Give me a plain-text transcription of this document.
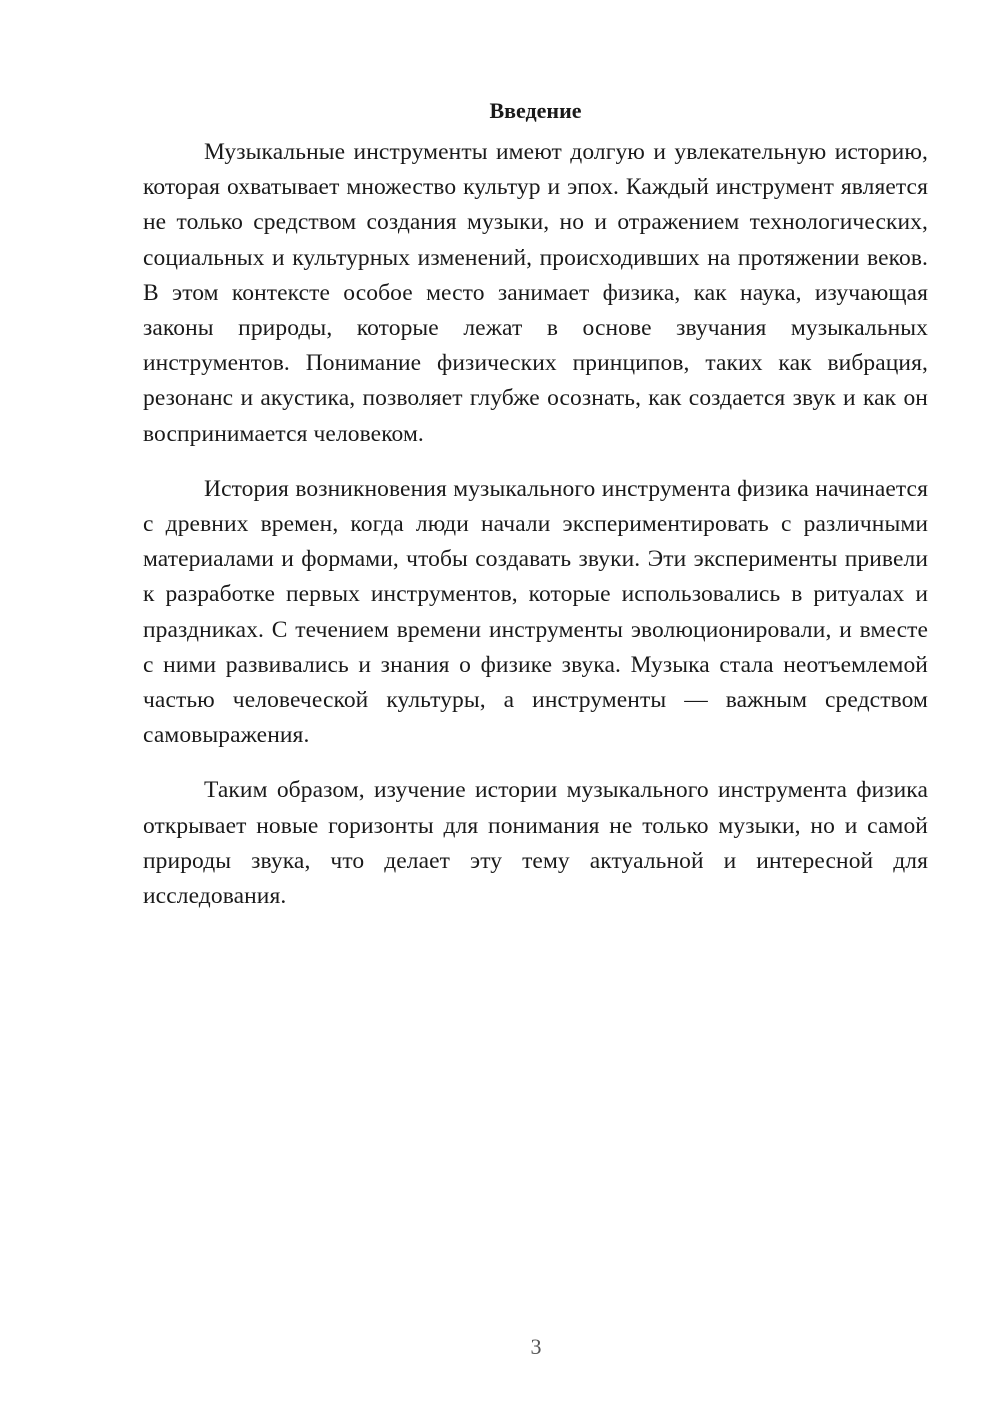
Введение

Музыкальные инструменты имеют долгую и увлекательную историю, которая охватывает множество культур и эпох. Каждый инструмент является не только средством создания музыки, но и отражением технологических, социальных и культурных изменений, происходивших на протяжении веков. В этом контексте особое место занимает физика, как наука, изучающая законы природы, которые лежат в основе звучания музыкальных инструментов. Понимание физических принципов, таких как вибрация, резонанс и акустика, позволяет глубже осознать, как создается звук и как он воспринимается человеком.

История возникновения музыкального инструмента физика начинается с древних времен, когда люди начали экспериментировать с различными материалами и формами, чтобы создавать звуки. Эти эксперименты привели к разработке первых инструментов, которые использовались в ритуалах и праздниках. С течением времени инструменты эволюционировали, и вместе с ними развивались и знания о физике звука. Музыка стала неотъемлемой частью человеческой культуры, а инструменты — важным средством самовыражения.

Таким образом, изучение истории музыкального инструмента физика открывает новые горизонты для понимания не только музыки, но и самой природы звука, что делает эту тему актуальной и интересной для исследования.

3
